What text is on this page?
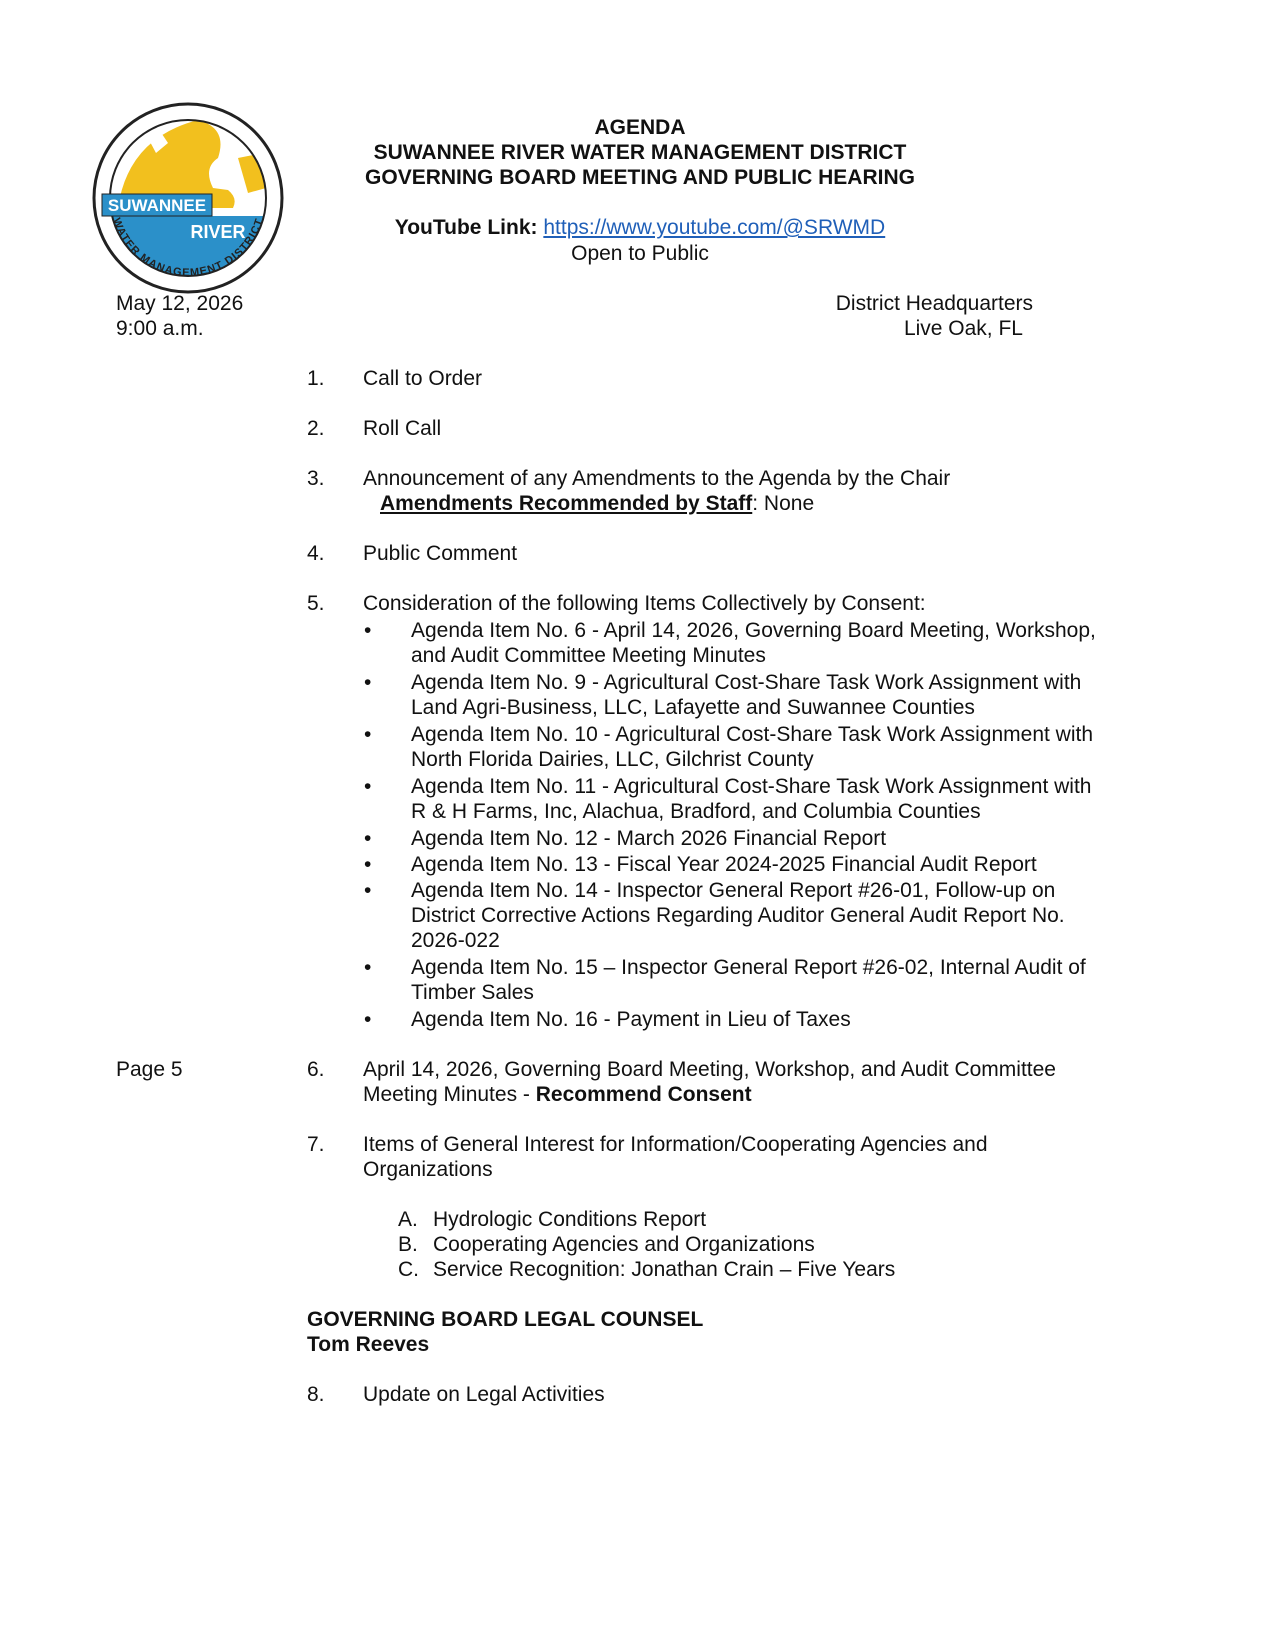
SUWANNEE
RIVER
WATER MANAGEMENT DISTRICT
AGENDA
SUWANNEE RIVER WATER MANAGEMENT DISTRICT
GOVERNING BOARD MEETING AND PUBLIC HEARING
YouTube Link: https://www.youtube.com/@SRWMD
Open to Public
May 12, 2026
9:00 a.m.
District Headquarters
Live Oak, FL
1. Call to Order
2. Roll Call
3. Announcement of any Amendments to the Agenda by the Chair
Amendments Recommended by Staff: None
4. Public Comment
5. Consideration of the following Items Collectively by Consent:
• Agenda Item No. 6 - April 14, 2026, Governing Board Meeting, Workshop,
and Audit Committee Meeting Minutes
• Agenda Item No. 9 - Agricultural Cost-Share Task Work Assignment with
Land Agri-Business, LLC, Lafayette and Suwannee Counties
• Agenda Item No. 10 - Agricultural Cost-Share Task Work Assignment with
North Florida Dairies, LLC, Gilchrist County
• Agenda Item No. 11 - Agricultural Cost-Share Task Work Assignment with
R & H Farms, Inc, Alachua, Bradford, and Columbia Counties
• Agenda Item No. 12 - March 2026 Financial Report
• Agenda Item No. 13 - Fiscal Year 2024-2025 Financial Audit Report
• Agenda Item No. 14 - Inspector General Report #26-01, Follow-up on
District Corrective Actions Regarding Auditor General Audit Report No.
2026-022
• Agenda Item No. 15 – Inspector General Report #26-02, Internal Audit of
Timber Sales
• Agenda Item No. 16 - Payment in Lieu of Taxes
Page 5	6. April 14, 2026, Governing Board Meeting, Workshop, and Audit Committee
Meeting Minutes - Recommend Consent
7. Items of General Interest for Information/Cooperating Agencies and
Organizations
A. Hydrologic Conditions Report
B. Cooperating Agencies and Organizations
C. Service Recognition: Jonathan Crain – Five Years
GOVERNING BOARD LEGAL COUNSEL
Tom Reeves
8. Update on Legal Activities
